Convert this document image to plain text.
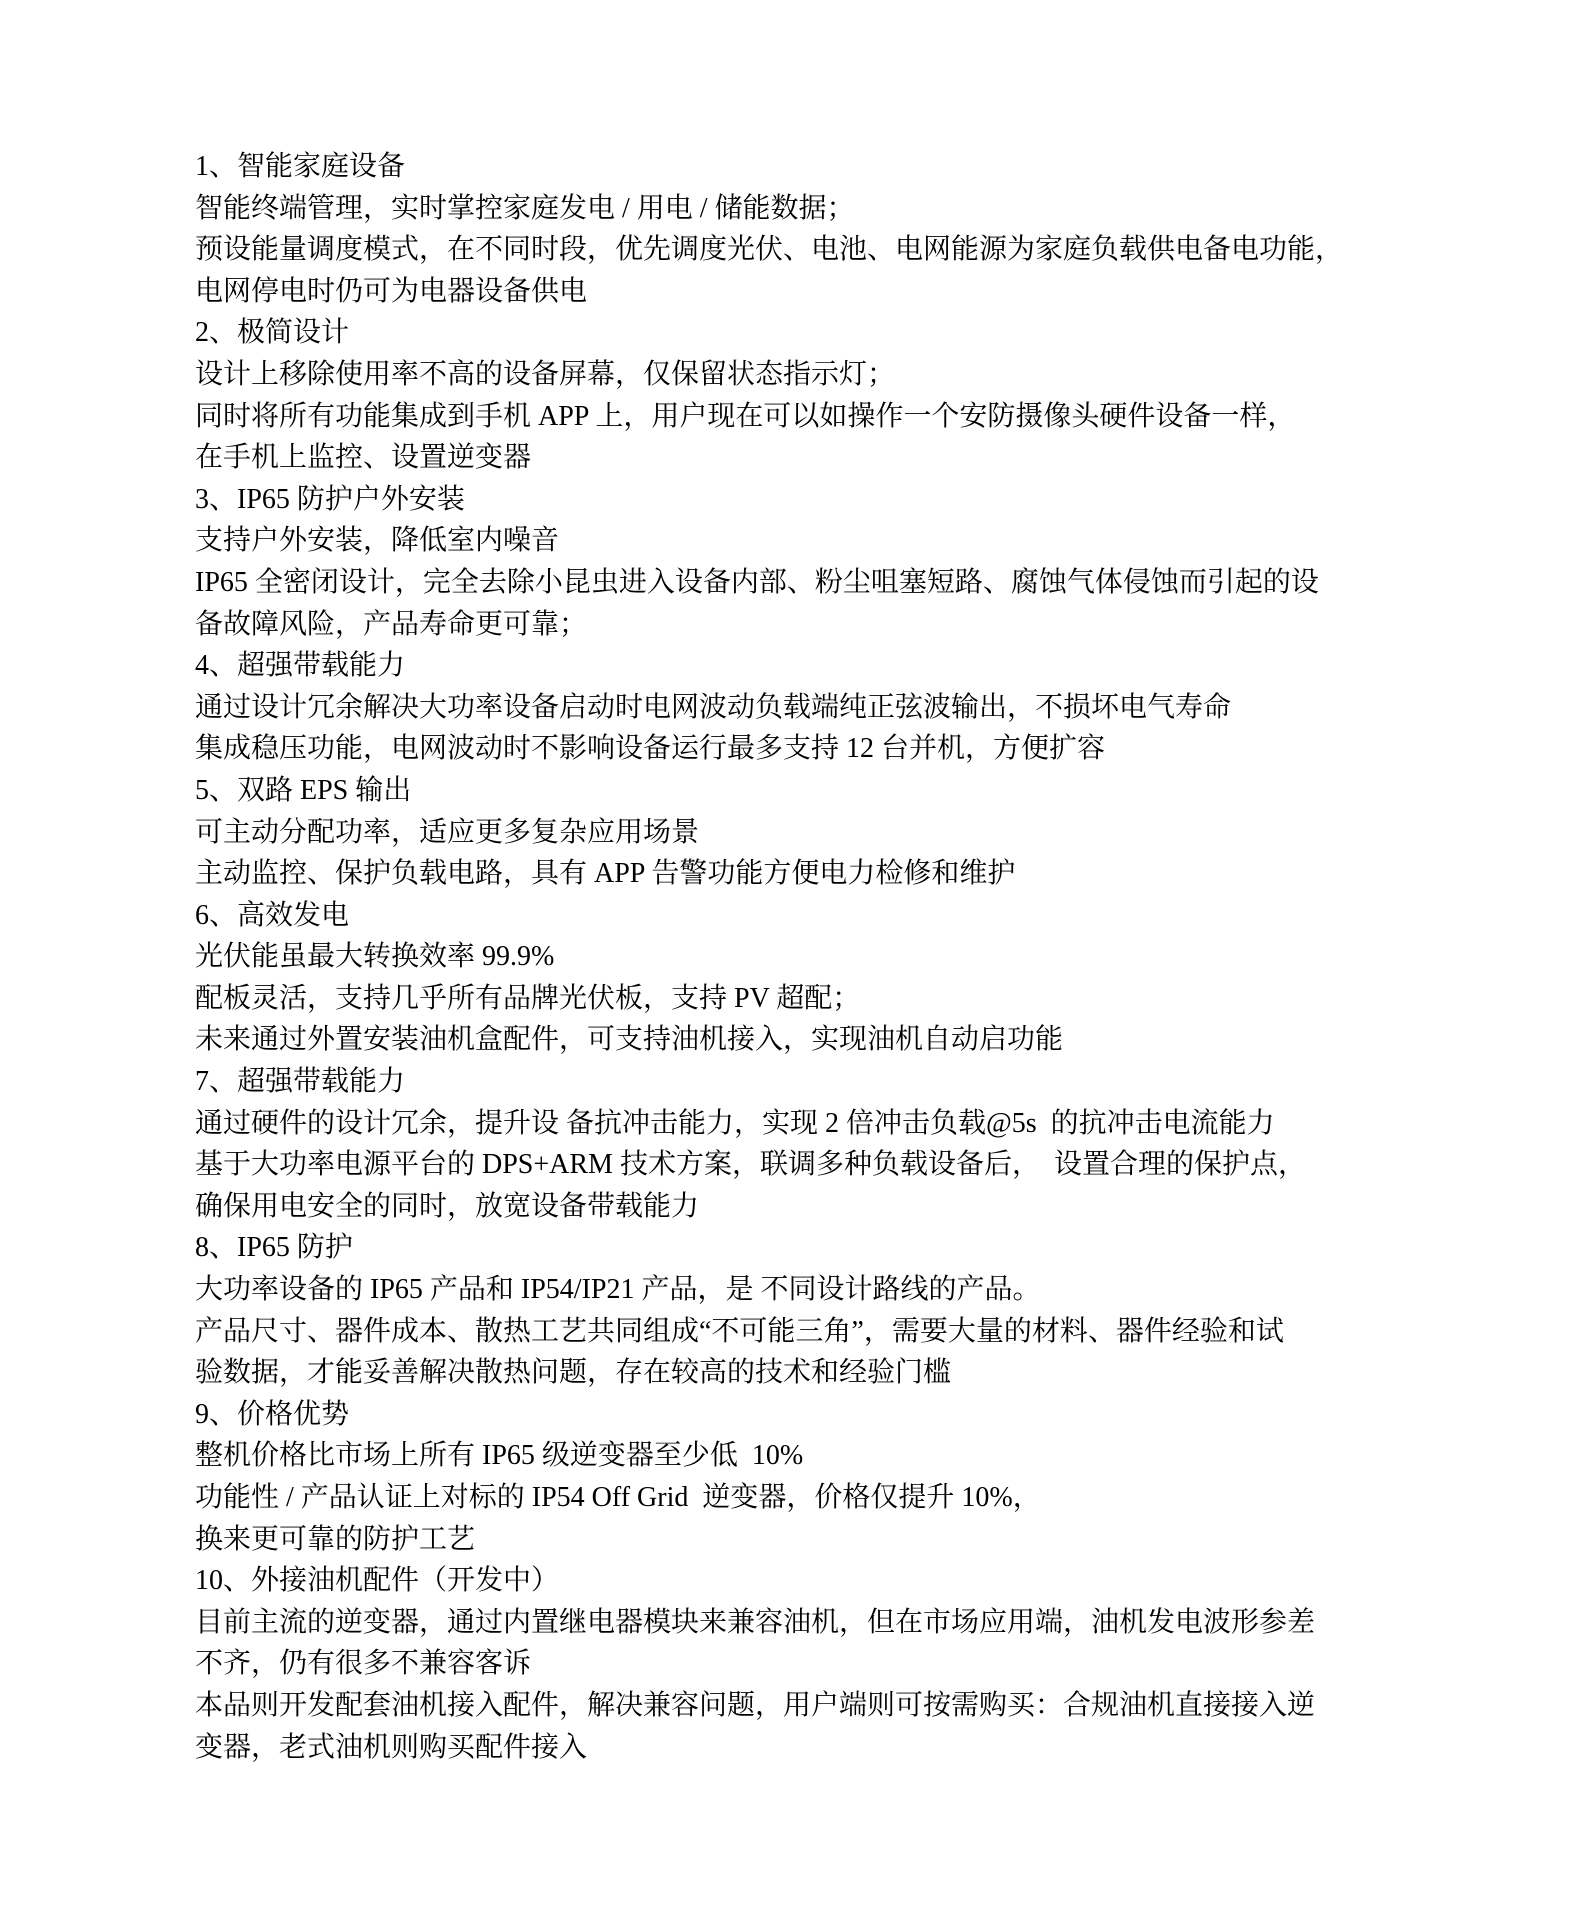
1、智能家庭设备

智能终端管理，实时掌控家庭发电 / 用电 / 储能数据；

预设能量调度模式，在不同时段，优先调度光伏、电池、电网能源为家庭负载供电备电功能，

电网停电时仍可为电器设备供电

2、极简设计

设计上移除使用率不高的设备屏幕，仅保留状态指示灯；

同时将所有功能集成到手机 APP 上，用户现在可以如操作一个安防摄像头硬件设备一样，

在手机上监控、设置逆变器

3、IP65 防护户外安装

支持户外安装，降低室内噪音

IP65 全密闭设计，完全去除小昆虫进入设备内部、粉尘咀塞短路、腐蚀气体侵蚀而引起的设

备故障风险，产品寿命更可靠；

4、超强带载能力

通过设计冗余解决大功率设备启动时电网波动负载端纯正弦波输出，不损坏电气寿命

集成稳压功能，电网波动时不影响设备运行最多支持 12 台并机，方便扩容

5、双路 EPS 输出

可主动分配功率，适应更多复杂应用场景

主动监控、保护负载电路，具有 APP 告警功能方便电力检修和维护

6、高效发电

光伏能虽最大转换效率 99.9%

配板灵活，支持几乎所有品牌光伏板，支持 PV 超配；

未来通过外置安装油机盒配件，可支持油机接入，实现油机自动启功能

7、超强带载能力

通过硬件的设计冗余，提升设 备抗冲击能力，实现 2 倍冲击负载@5s  的抗冲击电流能力

基于大功率电源平台的 DPS+ARM 技术方案，联调多种负载设备后，  设置合理的保护点，

确保用电安全的同时，放宽设备带载能力

8、IP65 防护

大功率设备的 IP65 产品和 IP54/IP21 产品，是 不同设计路线的产品。

产品尺寸、器件成本、散热工艺共同组成“不可能三角”，需要大量的材料、器件经验和试

验数据，才能妥善解决散热问题，存在较高的技术和经验门槛

9、价格优势

整机价格比市场上所有 IP65 级逆变器至少低  10%

功能性 / 产品认证上对标的 IP54 Off Grid  逆变器，价格仅提升 10%，

换来更可靠的防护工艺

10、外接油机配件（开发中）

目前主流的逆变器，通过内置继电器模块来兼容油机，但在市场应用端，油机发电波形参差

不齐，仍有很多不兼容客诉

本品则开发配套油机接入配件，解决兼容问题，用户端则可按需购买：合规油机直接接入逆

变器，老式油机则购买配件接入
